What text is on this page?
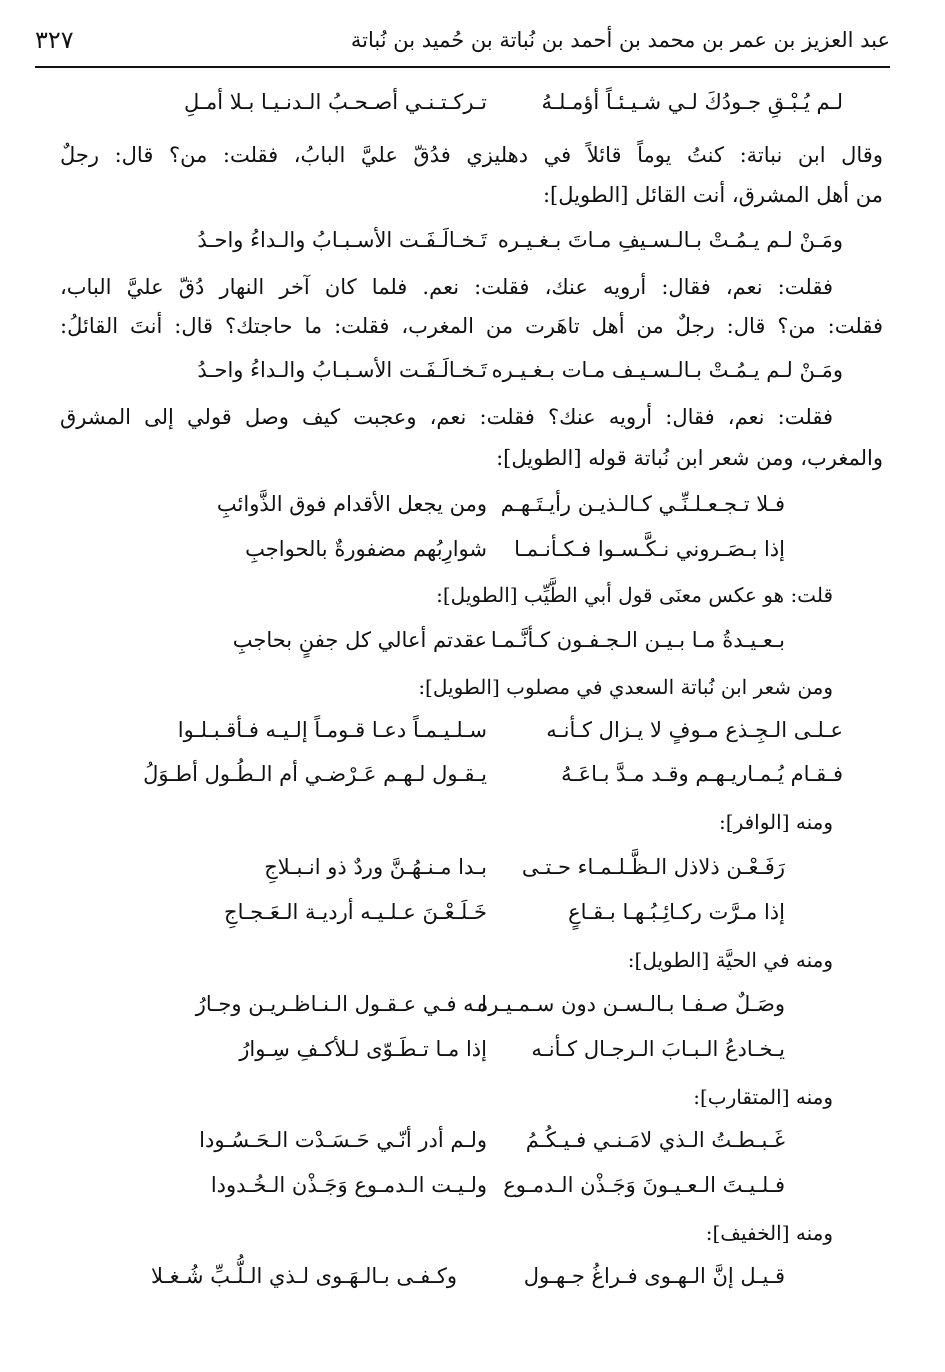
عبد العزيز بن عمر بن محمد بن أحمد بن نُباتة بن حُميد بن نُباتة
٣٢٧
لـم يُـبْـقِ جـودُكَ لـي شـيـئـاً أؤمـلـهُ
تـركـتـنـي أصـحـبُ الـدنـيـا بـلا أمـلِ
وقال ابن نباتة: كنتُ يوماً قائلاً في دهليزي فدُقّ عليَّ البابُ، فقلت: من؟ قال: رجلٌ
من أهل المشرق، أنت القائل [الطويل]:
ومَـنْ لـم يـمُـتْ بـالـسـيفِ مـاتَ بـغـيـره
تَـخـالَـفَـت الأسـبـابُ والـداءُ واحـدُ
فقلت: نعم، فقال: أرويه عنك، فقلت: نعم. فلما كان آخر النهار دُقّ عليَّ الباب،
فقلت: من؟ قال: رجلٌ من أهل تاهَرت من المغرب، فقلت: ما حاجتك؟ قال: أنتَ القائلُ:
ومَـنْ لـم يـمُـتْ بـالـسـيـف مـات بـغـيـره
تَـخـالَـفَـت الأسـبـابُ والـداءُ واحـدُ
فقلت: نعم، فقال: أرويه عنك؟ فقلت: نعم، وعجبت كيف وصل قولي إلى المشرق
والمغرب، ومن شعر ابن نُباتة قوله [الطويل]:
فـلا تـجـعـلـنِّـي كـالـذيـن رأيـتَـهـم
ومن يجعل الأقدام فوق الذَّوائبِ
إذا بـصَـروني نـكَّـسـوا فـكـأنـمـا
شوارِبُهم مضفورةٌ بالحواجبِ
قلت: هو عكس معنَى قول أبي الطَّيِّب [الطويل]:
بـعـيـدةُ مـا بـيـن الـجـفـون كـأنَّـمـا
عقدتم أعالي كل جفنٍ بحاجبِ
ومن شعر ابن نُباتة السعدي في مصلوب [الطويل]:
عـلـى الـجِـذع مـوفٍ لا يـزال كـأنـه
سـلـيـمـاً دعـا قـومـاً إلـيـه فـأقـبـلـوا
فـقـام يُـمـاريـهـم وقـد مـدَّ بـاعَـهُ
يـقـول لـهـم عَـرْضـي أم الـطُـول أطـوَلُ
ومنه [الوافر]:
رَفَـعْـن ذلاذل الـظَّـلـمـاء حـتـى
بـدا مـنـهُـنَّ وردٌ ذو انـبـلاجِ
إذا مـرَّت ركـائِـبُـهـا بـقـاعٍ
خَـلَـعْـنَ عـلـيـه أرديـة الـعَـجـاجِ
ومنه في الحيَّة [الطويل]:
وصَـلٌ صـفـا بـالـسـن دون سـمـيـره
لـه فـي عـقـول الـنـاظـريـن وجـارُ
يـخـادعُ الـبـابَ الـرجـال كـأنـه
إذا مـا تـطَـوّى لـلأكـفِ سِـوارُ
ومنه [المتقارب]:
غَـبـطـتُ الـذي لامَـنـي فـيـكُـمُ
ولـم أدر أنّـي حَـسَـدْت الـحَـسُـودا
فـلـيـتَ الـعـيـونَ وَجَـذْن الـدمـوع
ولـيـت الـدمـوع وَجَـذْن الـخُـدودا
ومنه [الخفيف]:
قـيـل إنَّ الـهـوى فـراغُ جـهـول
وكـفـى بـالـهَـوى لـذي الـلُّـبِّ شُـغـلا
